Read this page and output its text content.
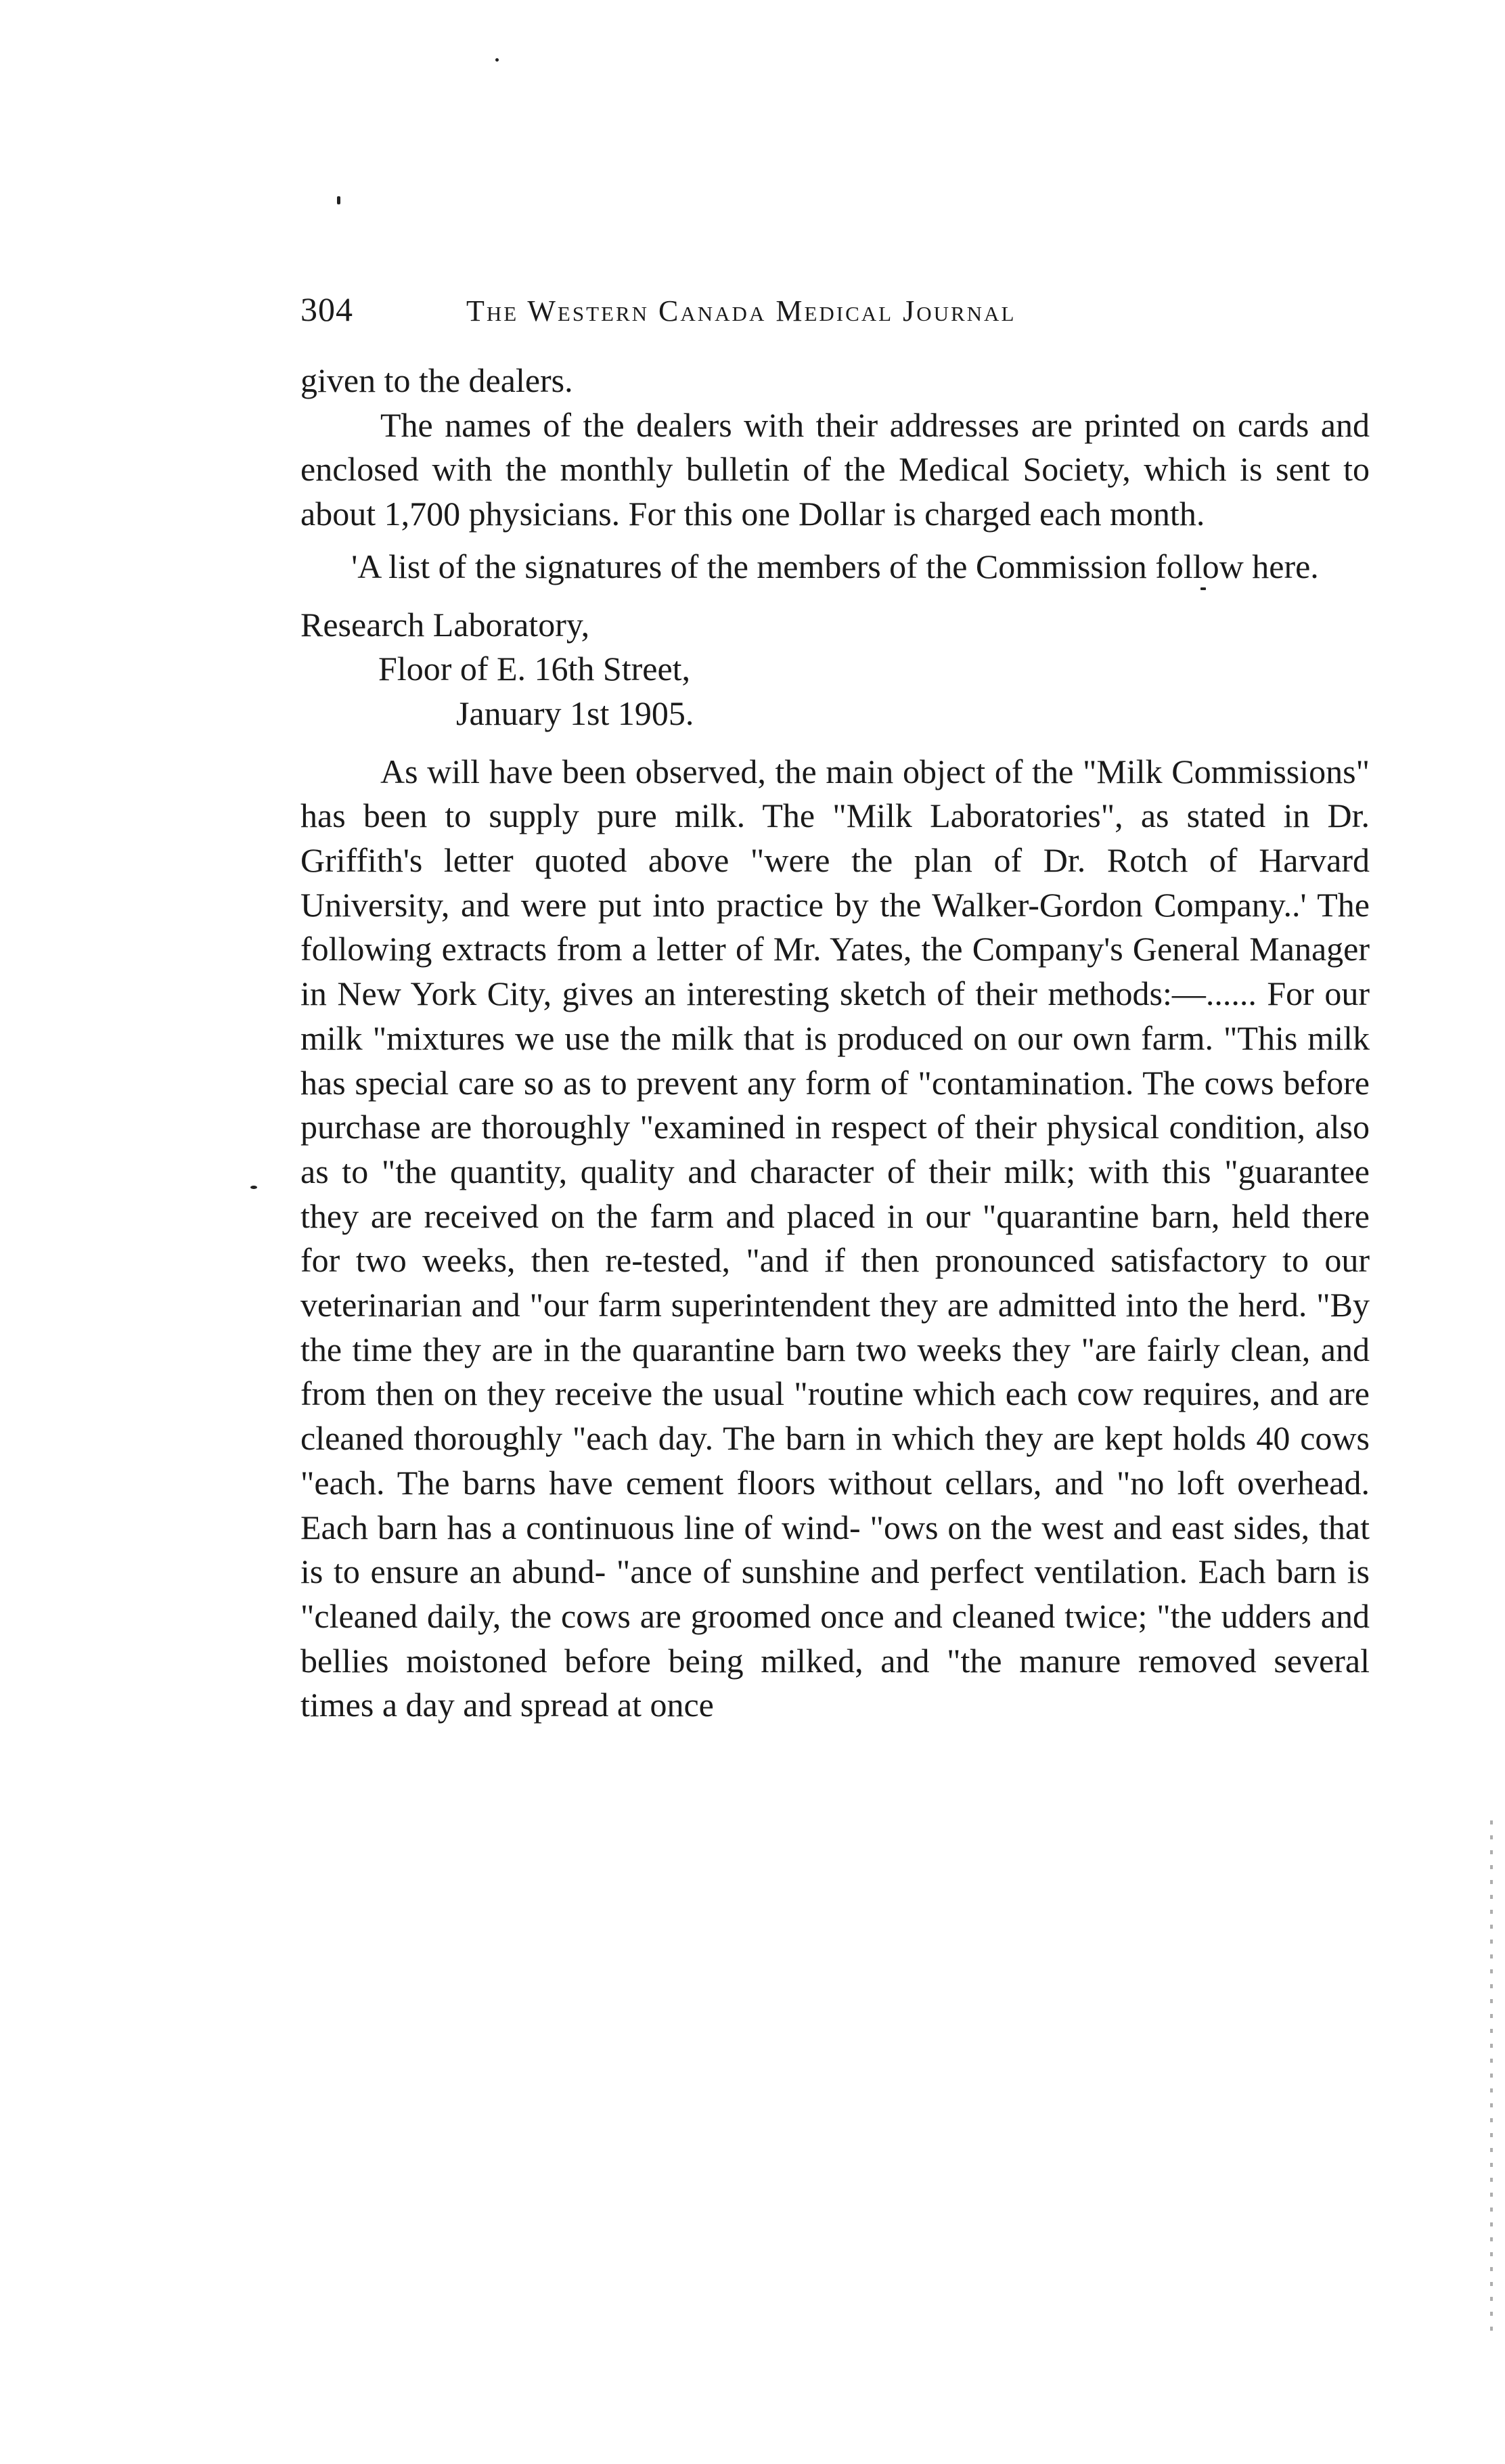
304	The Western Canada Medical Journal

given to the dealers.

The names of the dealers with their addresses are printed on cards and enclosed with the monthly bulletin of the Medical Society, which is sent to about 1,700 physicians. For this one Dollar is charged each month.

'A list of the signatures of the members of the Commission follow here.

Research Laboratory,

Floor of E. 16th Street,

January 1st 1905.

As will have been observed, the main object of the "Milk Commissions" has been to supply pure milk. The "Milk Laboratories", as stated in Dr. Griffith's letter quoted above "were the plan of Dr. Rotch of Harvard University, and were put into practice by the Walker-Gordon Company..' The following extracts from a letter of Mr. Yates, the Company's General Manager in New York City, gives an interesting sketch of their methods:—...... For our milk "mixtures we use the milk that is produced on our own farm. "This milk has special care so as to prevent any form of "contamination. The cows before purchase are thoroughly "examined in respect of their physical condition, also as to "the quantity, quality and character of their milk; with this "guarantee they are received on the farm and placed in our "quarantine barn, held there for two weeks, then re-tested, "and if then pronounced satisfactory to our veterinarian and "our farm superintendent they are admitted into the herd. "By the time they are in the quarantine barn two weeks they "are fairly clean, and from then on they receive the usual "routine which each cow requires, and are cleaned thoroughly "each day. The barn in which they are kept holds 40 cows "each. The barns have cement floors without cellars, and "no loft overhead. Each barn has a continuous line of wind- "ows on the west and east sides, that is to ensure an abund- "ance of sunshine and perfect ventilation. Each barn is "cleaned daily, the cows are groomed once and cleaned twice; "the udders and bellies moistoned before being milked, and "the manure removed several times a day and spread at once
